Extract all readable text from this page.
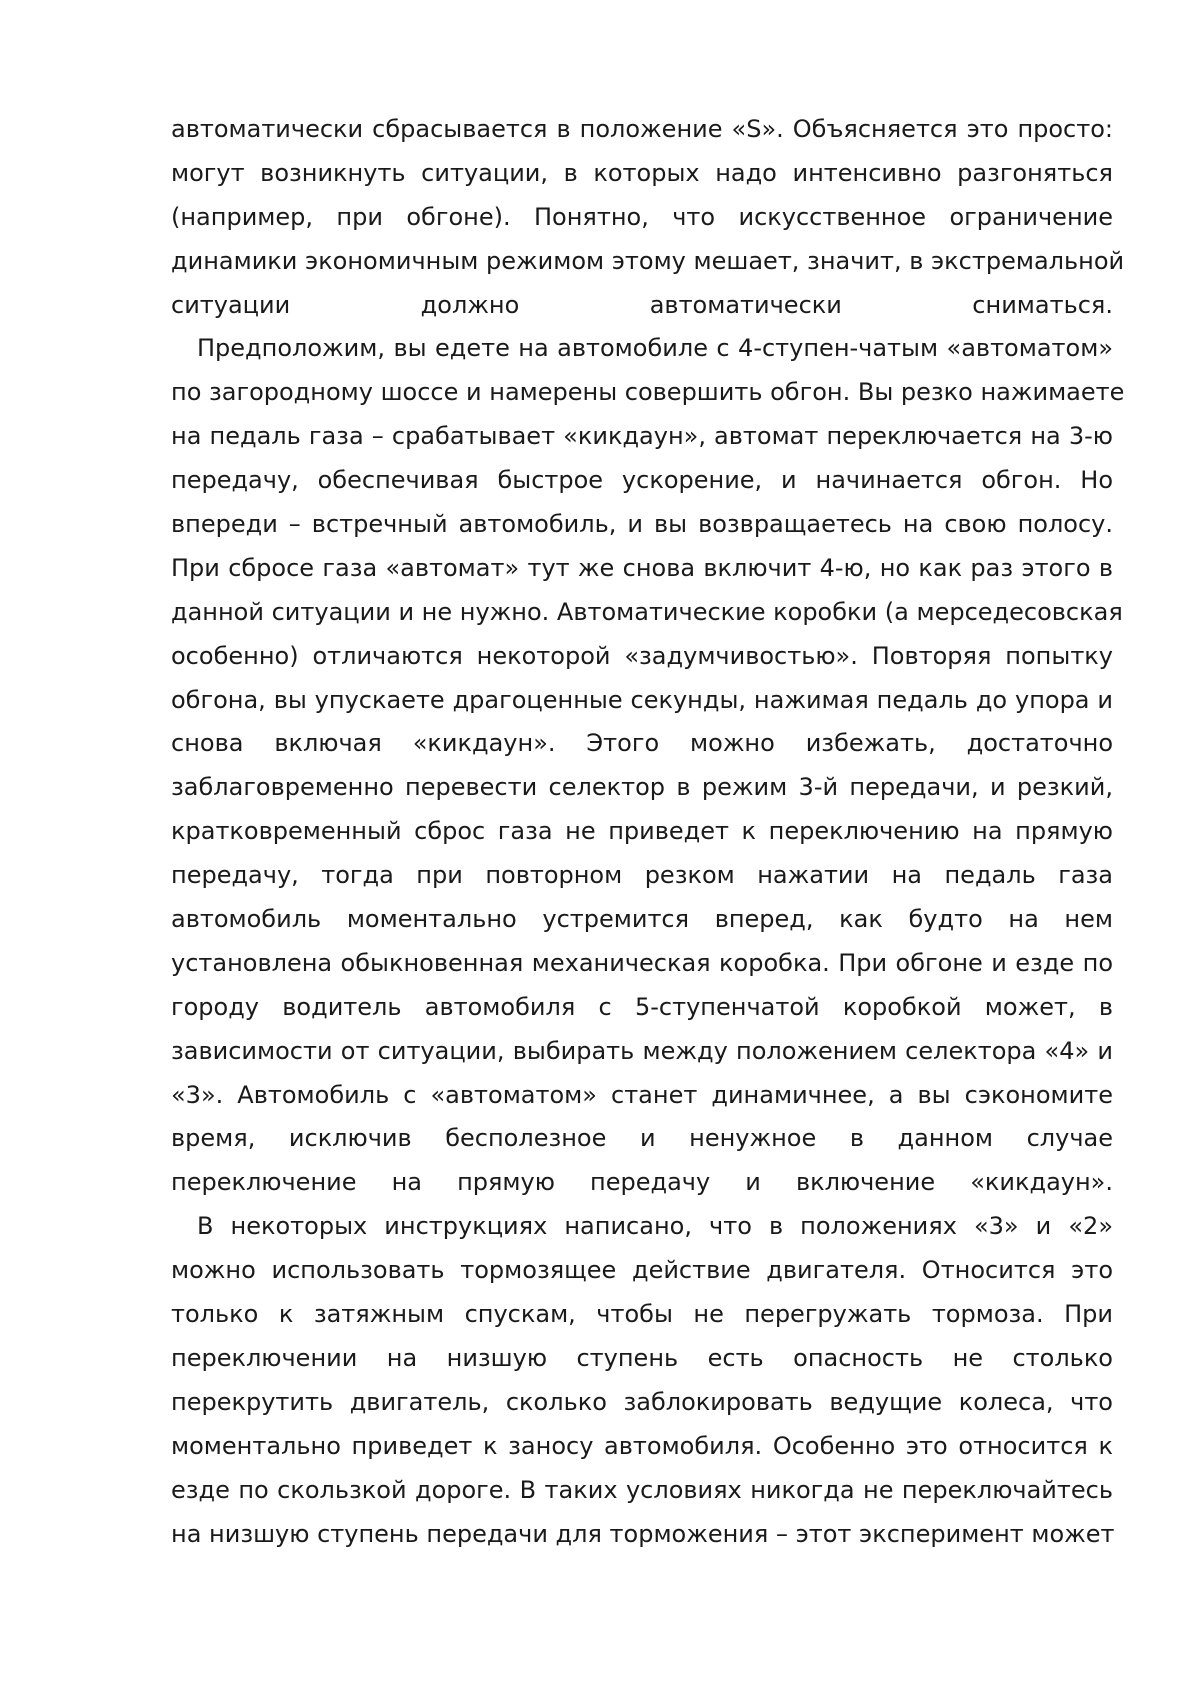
автоматически сбрасывается в положение «S». Объясняется это просто:
могут возникнуть ситуации, в которых надо интенсивно разгоняться
(например, при обгоне). Понятно, что искусственное ограничение
динамики экономичным режимом этому мешает, значит, в экстремальной
ситуации должно автоматически сниматься.
Предположим, вы едете на автомобиле с 4-ступен-чатым «автоматом»
по загородному шоссе и намерены совершить обгон. Вы резко нажимаете
на педаль газа – срабатывает «кикдаун», автомат переключается на 3-ю
передачу, обеспечивая быстрое ускорение, и начинается обгон. Но
впереди – встречный автомобиль, и вы возвращаетесь на свою полосу.
При сбросе газа «автомат» тут же снова включит 4-ю, но как раз этого в
данной ситуации и не нужно. Автоматические коробки (а мерседесовская
особенно) отличаются некоторой «задумчивостью». Повторяя попытку
обгона, вы упускаете драгоценные секунды, нажимая педаль до упора и
снова включая «кикдаун». Этого можно избежать, достаточно
заблаговременно перевести селектор в режим 3-й передачи, и резкий,
кратковременный сброс газа не приведет к переключению на прямую
передачу, тогда при повторном резком нажатии на педаль газа
автомобиль моментально устремится вперед, как будто на нем
установлена обыкновенная механическая коробка. При обгоне и езде по
городу водитель автомобиля с 5-ступенчатой коробкой может, в
зависимости от ситуации, выбирать между положением селектора «4» и
«3». Автомобиль с «автоматом» станет динамичнее, а вы сэкономите
время, исключив бесполезное и ненужное в данном случае
переключение на прямую передачу и включение «кикдаун».
В некоторых инструкциях написано, что в положениях «3» и «2»
можно использовать тормозящее действие двигателя. Относится это
только к затяжным спускам, чтобы не перегружать тормоза. При
переключении на низшую ступень есть опасность не столько
перекрутить двигатель, сколько заблокировать ведущие колеса, что
моментально приведет к заносу автомобиля. Особенно это относится к
езде по скользкой дороге. В таких условиях никогда не переключайтесь
на низшую ступень передачи для торможения – этот эксперимент может
